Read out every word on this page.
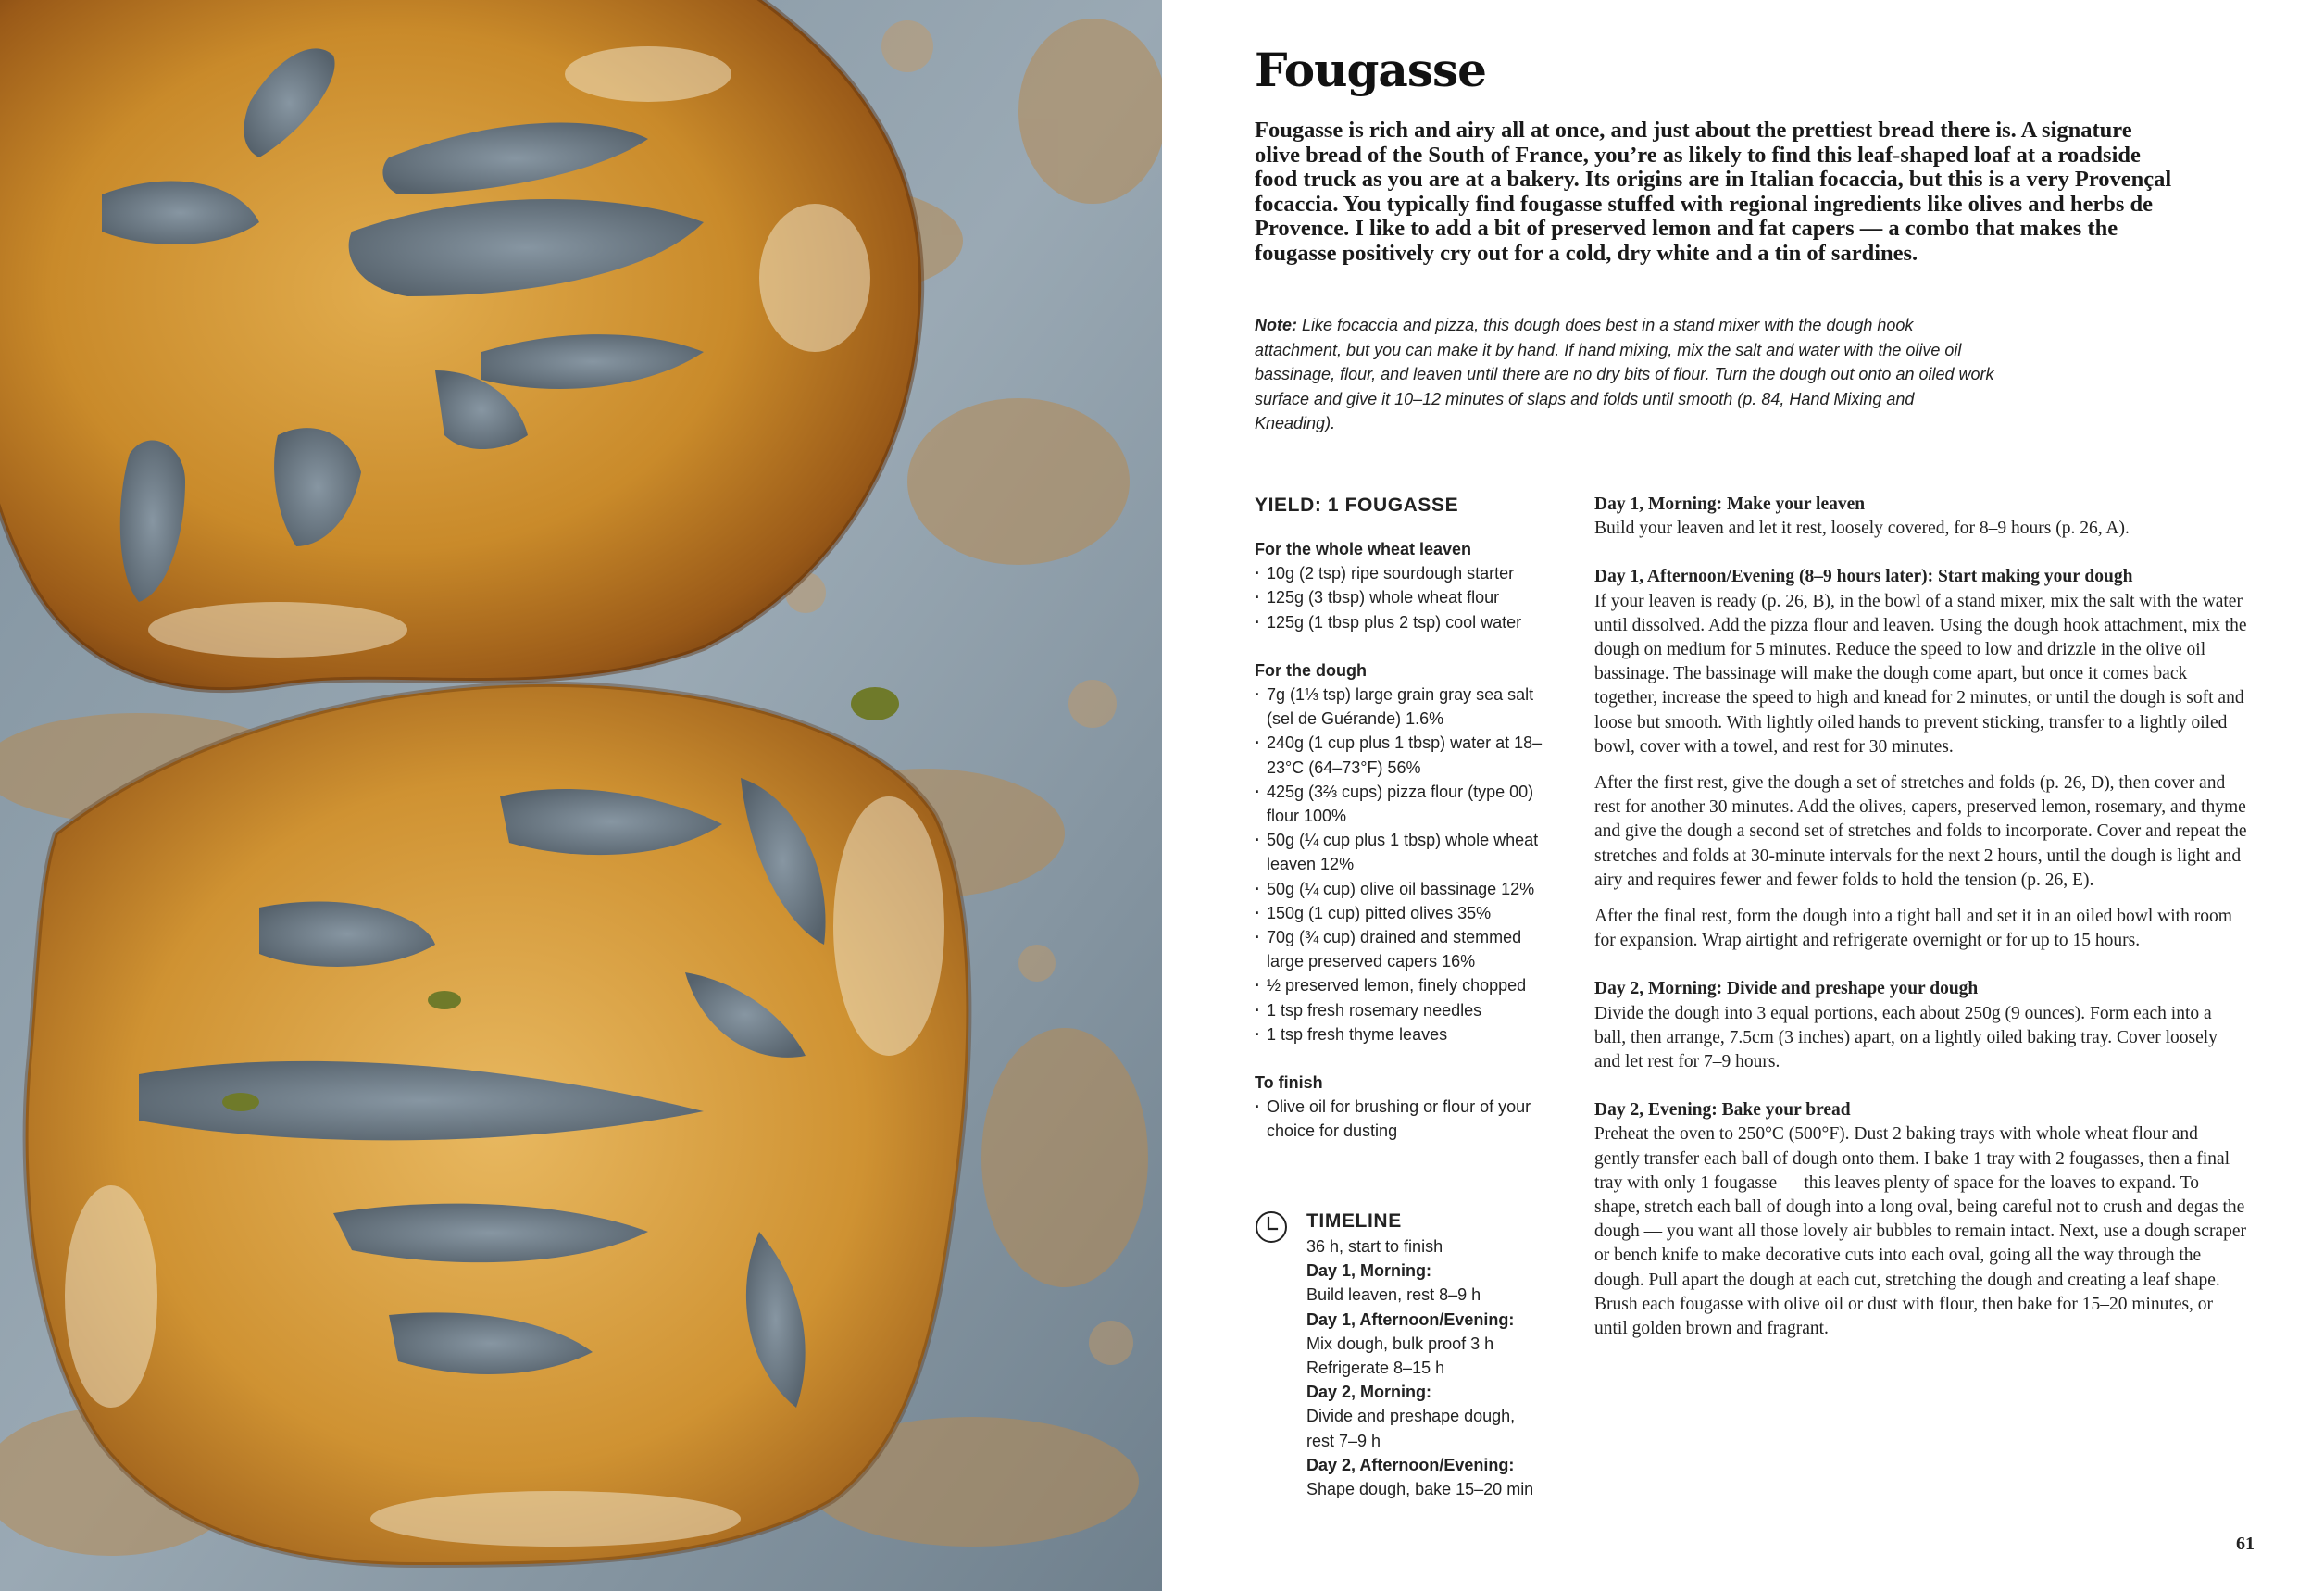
Fougasse

Fougasse is rich and airy all at once, and just about the prettiest bread there is. A signature olive bread of the South of France, you’re as likely to find this leaf-shaped loaf at a roadside food truck as you are at a bakery. Its origins are in Italian focaccia, but this is a very Provençal focaccia. You typically find fougasse stuffed with regional ingredients like olives and herbs de Provence. I like to add a bit of preserved lemon and fat capers — a combo that makes the fougasse positively cry out for a cold, dry white and a tin of sardines.

Note: Like focaccia and pizza, this dough does best in a stand mixer with the dough hook attachment, but you can make it by hand. If hand mixing, mix the salt and water with the olive oil bassinage, flour, and leaven until there are no dry bits of flour. Turn the dough out onto an oiled work surface and give it 10–12 minutes of slaps and folds until smooth (p. 84, Hand Mixing and Kneading).

YIELD: 1 FOUGASSE

For the whole wheat leaven

· 10g (2 tsp) ripe sourdough starter
· 125g (3 tbsp) whole wheat flour
· 125g (1 tbsp plus 2 tsp) cool water

For the dough

· 7g (1⅓ tsp) large grain gray sea salt (sel de Guérande) 1.6%
· 240g (1 cup plus 1 tbsp) water at 18–23°C (64–73°F) 56%
· 425g (3⅔ cups) pizza flour (type 00) flour 100%
· 50g (¼ cup plus 1 tbsp) whole wheat leaven 12%
· 50g (¼ cup) olive oil bassinage 12%
· 150g (1 cup) pitted olives 35%
· 70g (¾ cup) drained and stemmed large preserved capers 16%
· ½ preserved lemon, finely chopped
· 1 tsp fresh rosemary needles
· 1 tsp fresh thyme leaves

To finish

· Olive oil for brushing or flour of your choice for dusting

TIMELINE

36 h, start to finish

Day 1, Morning:

Build leaven, rest 8–9 h

Day 1, Afternoon/Evening:

Mix dough, bulk proof 3 h

Refrigerate 8–15 h

Day 2, Morning:

Divide and preshape dough,

rest 7–9 h

Day 2, Afternoon/Evening:

Shape dough, bake 15–20 min

Day 1, Morning: Make your leaven

Build your leaven and let it rest, loosely covered, for 8–9 hours (p. 26, A).

Day 1, Afternoon/Evening (8–9 hours later): Start making your dough

If your leaven is ready (p. 26, B), in the bowl of a stand mixer, mix the salt with the water until dissolved. Add the pizza flour and leaven. Using the dough hook attachment, mix the dough on medium for 5 minutes. Reduce the speed to low and drizzle in the olive oil bassinage. The bassinage will make the dough come apart, but once it comes back together, increase the speed to high and knead for 2 minutes, or until the dough is soft and loose but smooth. With lightly oiled hands to prevent sticking, transfer to a lightly oiled bowl, cover with a towel, and rest for 30 minutes.

After the first rest, give the dough a set of stretches and folds (p. 26, D), then cover and rest for another 30 minutes. Add the olives, capers, preserved lemon, rosemary, and thyme and give the dough a second set of stretches and folds to incorporate. Cover and repeat the stretches and folds at 30-minute intervals for the next 2 hours, until the dough is light and airy and requires fewer and fewer folds to hold the tension (p. 26, E).

After the final rest, form the dough into a tight ball and set it in an oiled bowl with room for expansion. Wrap airtight and refrigerate overnight or for up to 15 hours.

Day 2, Morning: Divide and preshape your dough

Divide the dough into 3 equal portions, each about 250g (9 ounces). Form each into a ball, then arrange, 7.5cm (3 inches) apart, on a lightly oiled baking tray. Cover loosely and let rest for 7–9 hours.

Day 2, Evening: Bake your bread

Preheat the oven to 250°C (500°F). Dust 2 baking trays with whole wheat flour and gently transfer each ball of dough onto them. I bake 1 tray with 2 fougasses, then a final tray with only 1 fougasse — this leaves plenty of space for the loaves to expand. To shape, stretch each ball of dough into a long oval, being careful not to crush and degas the dough — you want all those lovely air bubbles to remain intact. Next, use a dough scraper or bench knife to make decorative cuts into each oval, going all the way through the dough. Pull apart the dough at each cut, stretching the dough and creating a leaf shape. Brush each fougasse with olive oil or dust with flour, then bake for 15–20 minutes, or until golden brown and fragrant.

61
